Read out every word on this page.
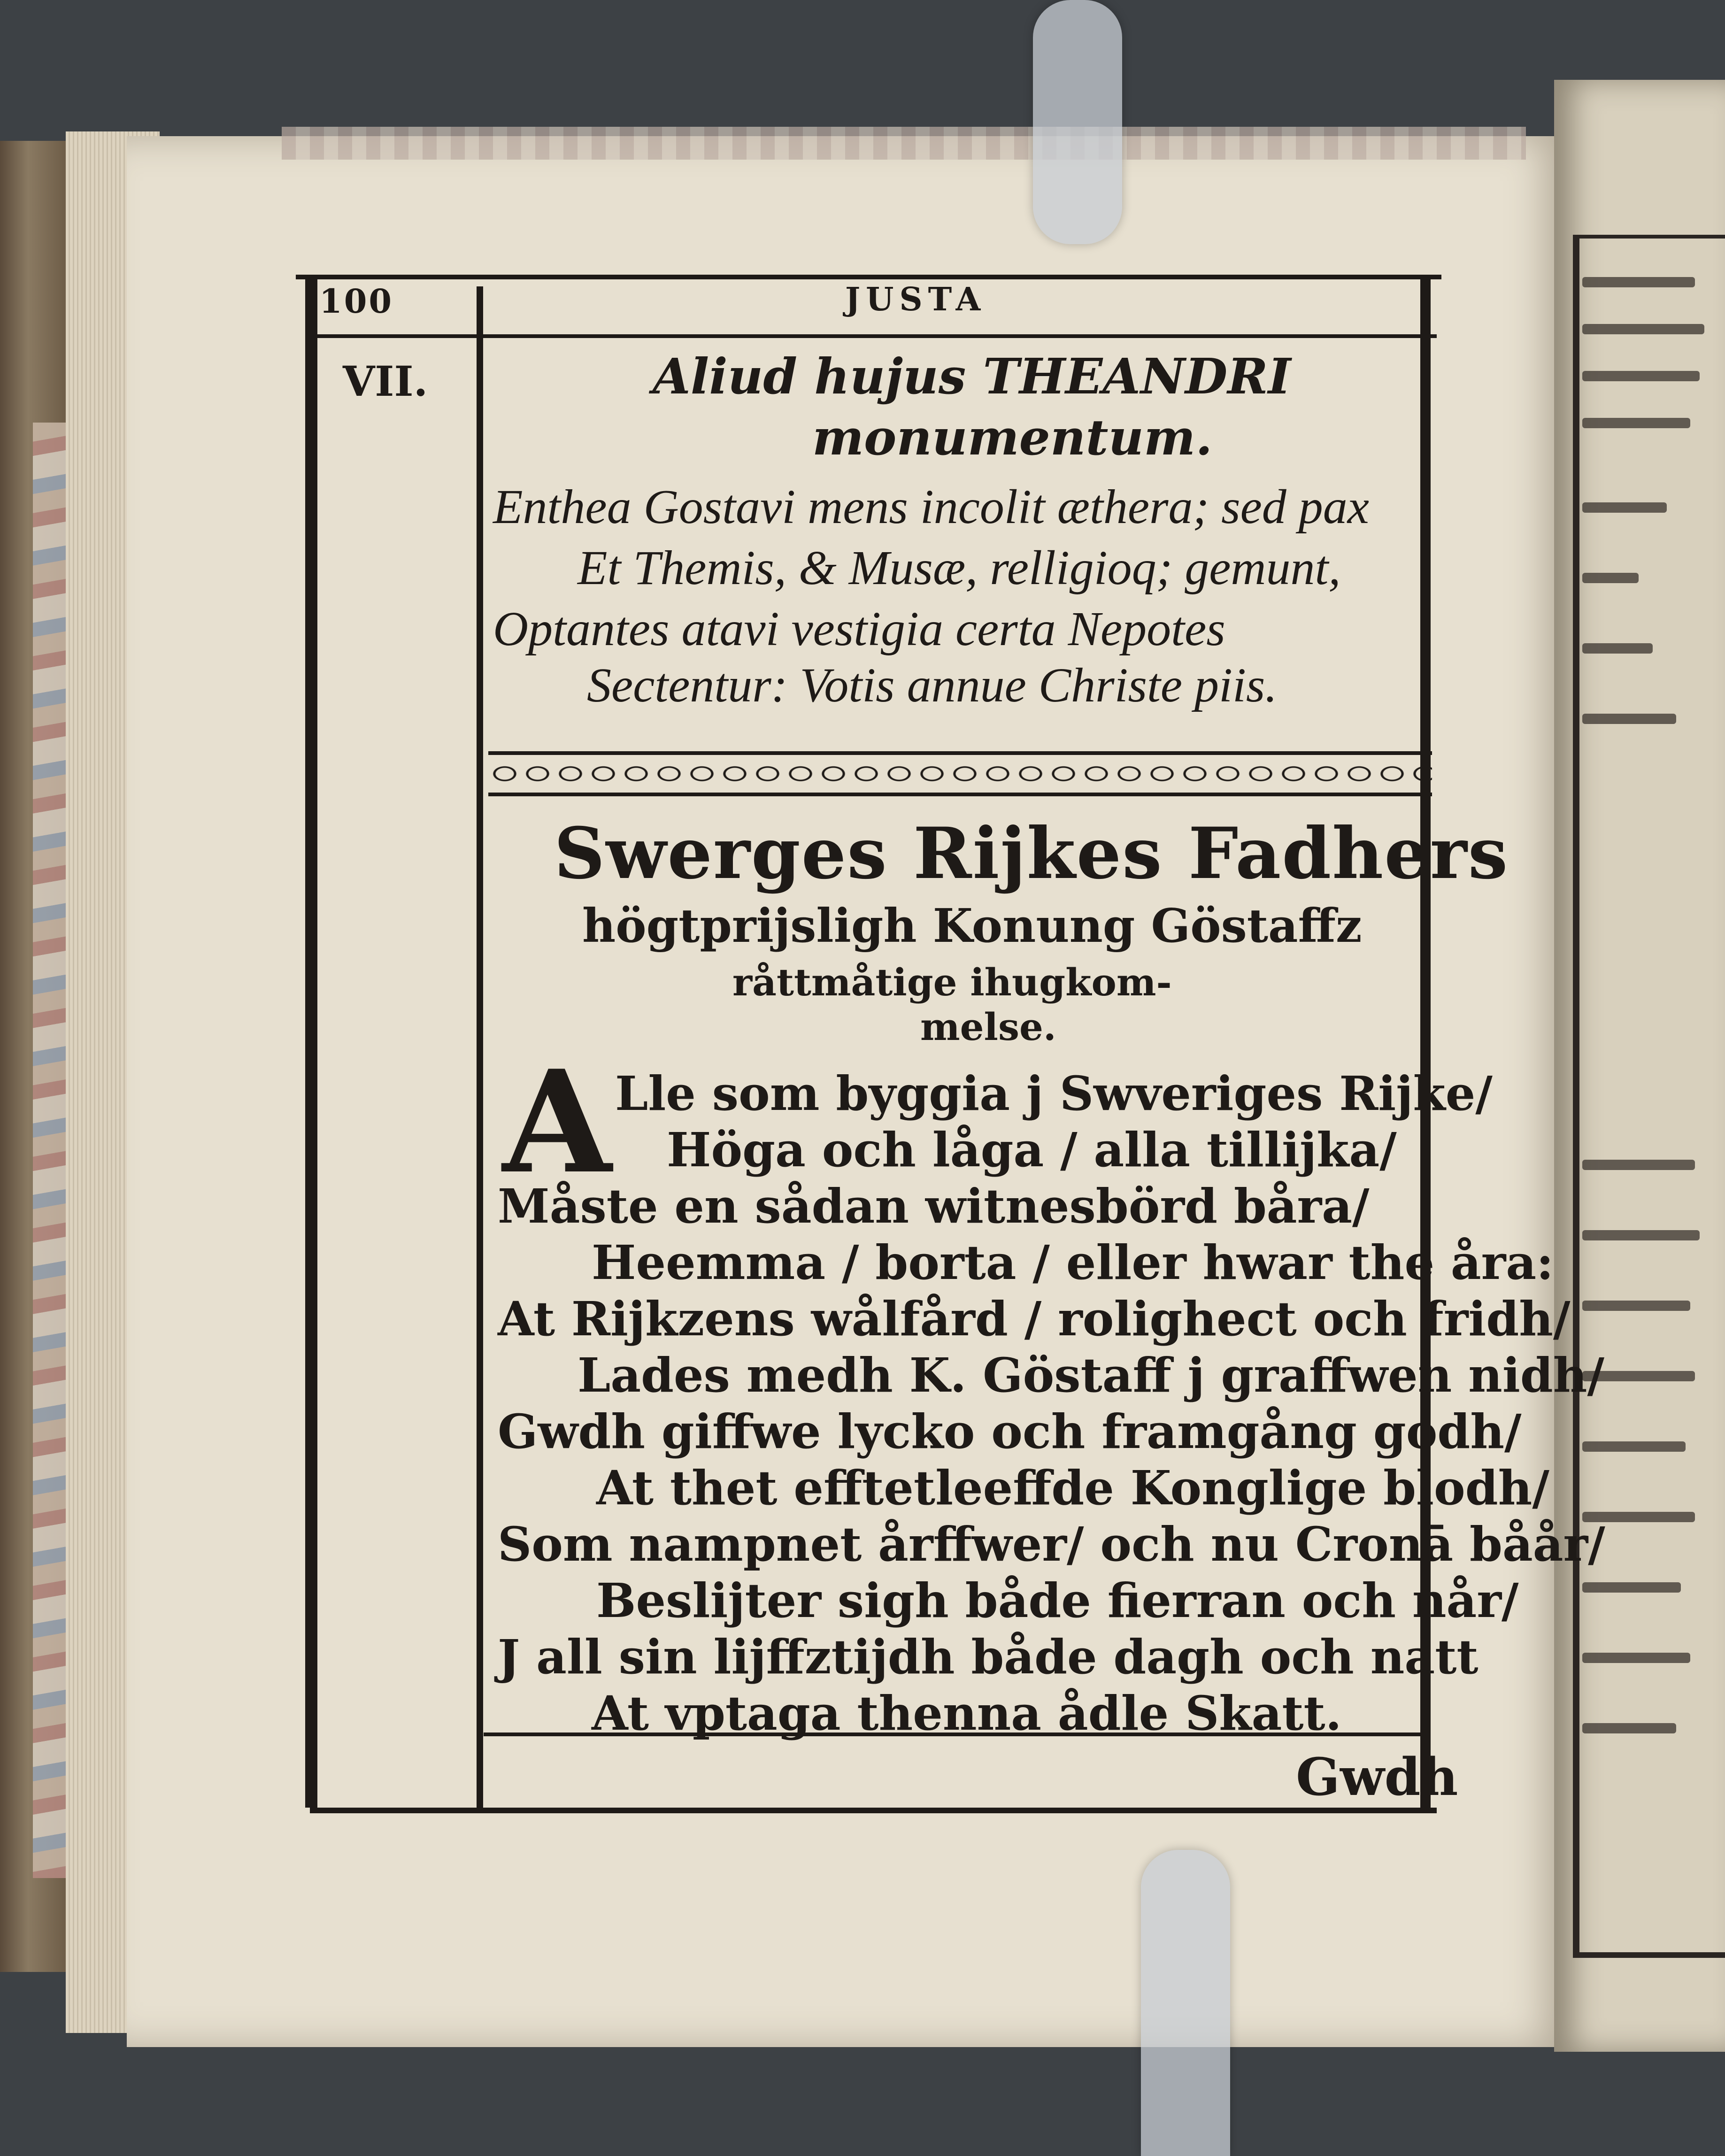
100	JUSTA
VII.	Aliud hujus THEANDRI
monumentum.
Enthea Gostavi mens incolit æthera; sed pax
Et Themis, & Musæ, relligioq; gemunt,
Optantes atavi vestigia certa Nepotes
Sectentur: Votis annue Christe piis.
Swerges Rijkes Fadhers
högtprijsligh Konung Göstaffz
råttmåtige ihugkom-
melse.
A Lle som byggia j Swveriges Rijke/
Höga och låga / alla tillijka/
Måste en sådan witnesbörd båra/
Heemma / borta / eller hwar the åra:
At Rijkzens wålfård / rolighect och fridh/
Lades medh K. Göstaff j graffwen nidh/
Gwdh giffwe lycko och framgång godh/
At thet efftetleeffde Konglige blodh/
Som nampnet årffwer/ och nu Cronā båår/
Beslijter sigh både fierran och når/
J all sin lijffztijdh både dagh och natt
At vptaga thenna ådle Skatt.
Gwdh
